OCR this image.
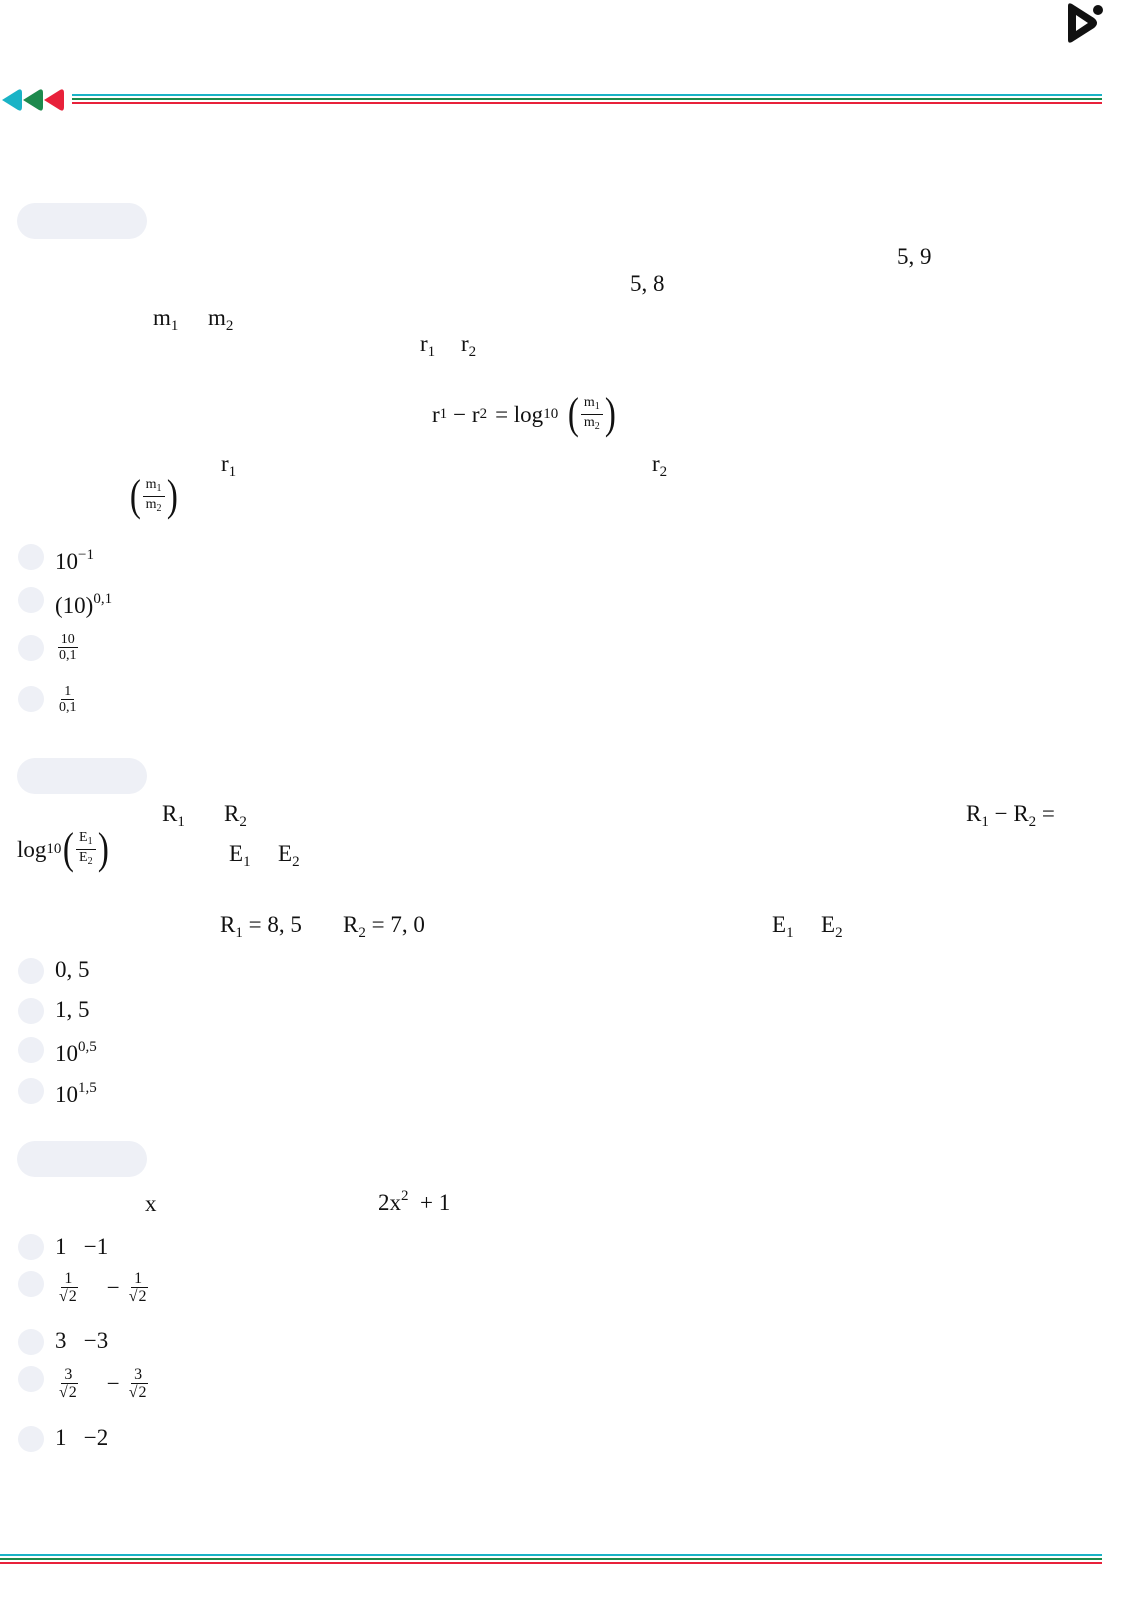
5, 9
5, 8
$m_1$ $m_2$
$r_1$ $r_2$
r 1 − r 2 = log 10 ( $\frac{m_1}{m_2}$ )
$r_1$	$r_2$
( $\frac{m_1}{m_2}$ )
$10^{-1}$
$(10)^{0,1}$
$\frac{10}{0,1}$
$\frac{1}{0,1}$
$R_1$ $R_2$	$R_1 - R_2$ =
log 10 ( $\frac{E_1}{E_2}$ )	$E_1$ $E_2$
$R_1 = 8$, 5 $R_2 = 7$, 0	$E_1$ $E_2$
0, 5
1, 5
10$^{0,5}$
10$^{1,5}$
x	$2x^2 + 1$
1 −1
$\frac{1}{√2} - \frac{1}{√2}$
3 −3
$\frac{3}{√2} - \frac{3}{√2}$
1 −2
